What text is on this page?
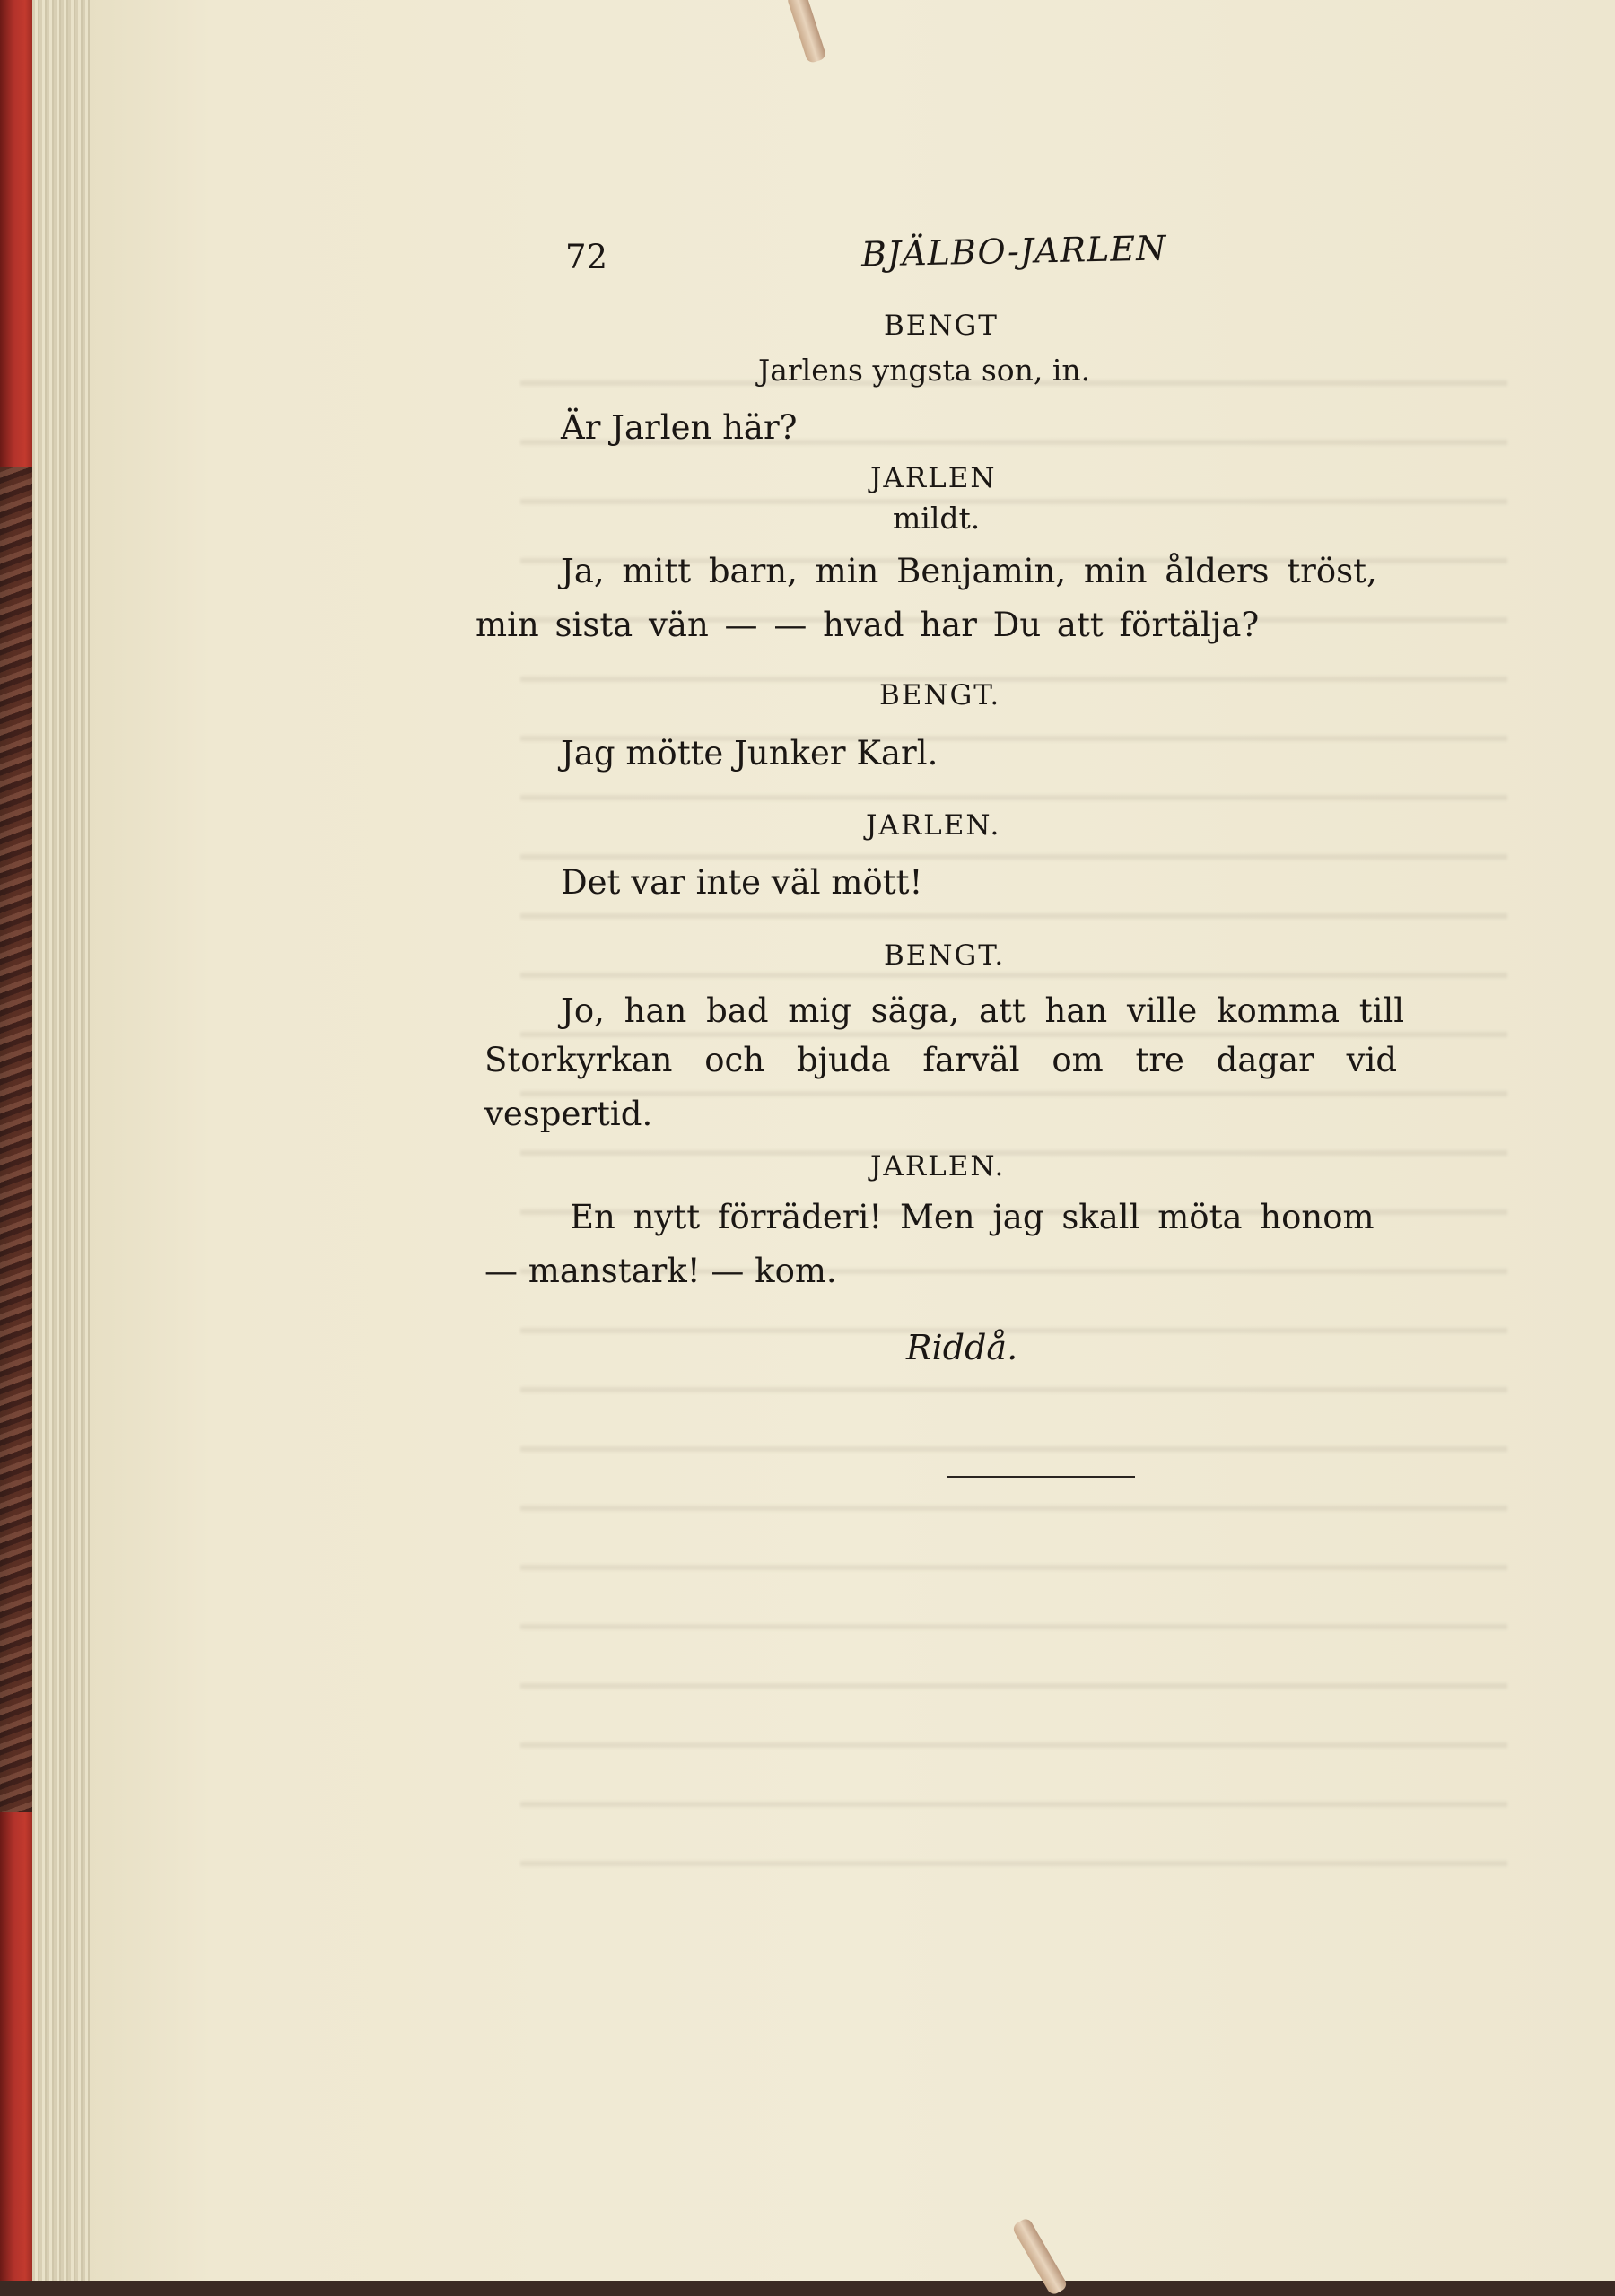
72	BJÄLBO-JARLEN
BENGT
Jarlens yngsta son, in.
Är Jarlen här?
JARLEN
mildt.
Ja, mitt barn, min Benjamin, min ålders tröst,
min sista vän — — hvad har Du att förtälja?
BENGT.
Jag mötte Junker Karl.
JARLEN.
Det var inte väl mött!
BENGT.
Jo, han bad mig säga, att han ville komma till
Storkyrkan och bjuda farväl om tre dagar vid
vespertid.
JARLEN.
En nytt förräderi! Men jag skall möta honom
— manstark! — kom.
Riddå.
